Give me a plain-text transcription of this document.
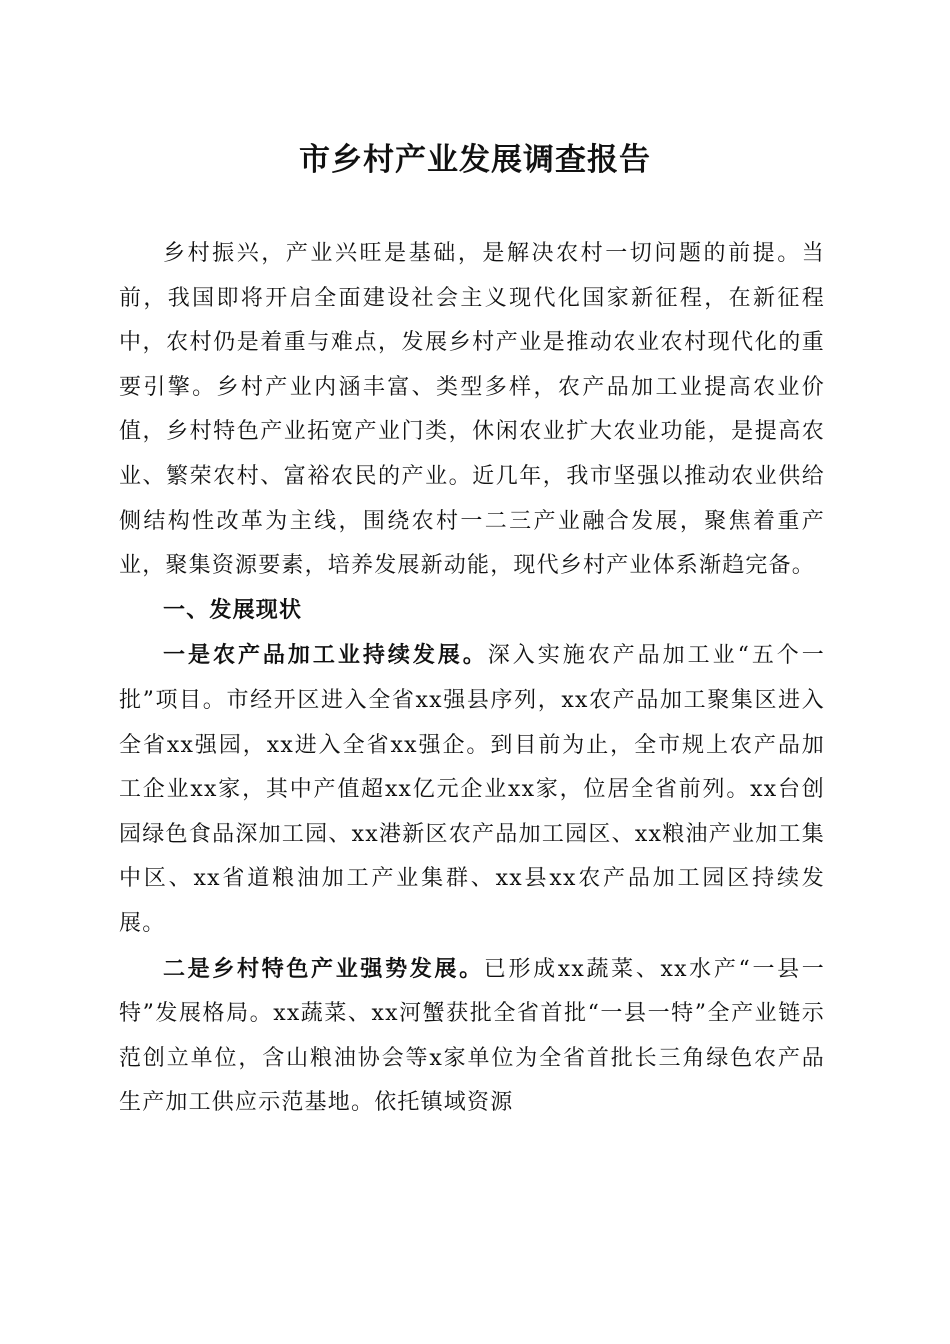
市乡村产业发展调查报告

乡村振兴，产业兴旺是基础，是解决农村一切问题的前提。当前，我国即将开启全面建设社会主义现代化国家新征程，在新征程中，农村仍是着重与难点，发展乡村产业是推动农业农村现代化的重要引擎。乡村产业内涵丰富、类型多样，农产品加工业提高农业价值，乡村特色产业拓宽产业门类，休闲农业扩大农业功能，是提高农业、繁荣农村、富裕农民的产业。近几年，我市坚强以推动农业供给侧结构性改革为主线，围绕农村一二三产业融合发展，聚焦着重产业，聚集资源要素，培养发展新动能，现代乡村产业体系渐趋完备。

一、发展现状

一是农产品加工业持续发展。深入实施农产品加工业“五个一批”项目。市经开区进入全省xx强县序列，xx农产品加工聚集区进入全省xx强园，xx进入全省xx强企。到目前为止，全市规上农产品加工企业xx家，其中产值超xx亿元企业xx家，位居全省前列。xx台创园绿色食品深加工园、xx港新区农产品加工园区、xx粮油产业加工集中区、xx省道粮油加工产业集群、xx县xx农产品加工园区持续发展。

二是乡村特色产业强势发展。已形成xx蔬菜、xx水产“一县一特”发展格局。xx蔬菜、xx河蟹获批全省首批“一县一特”全产业链示范创立单位，含山粮油协会等x家单位为全省首批长三角绿色农产品生产加工供应示范基地。依托镇域资源
